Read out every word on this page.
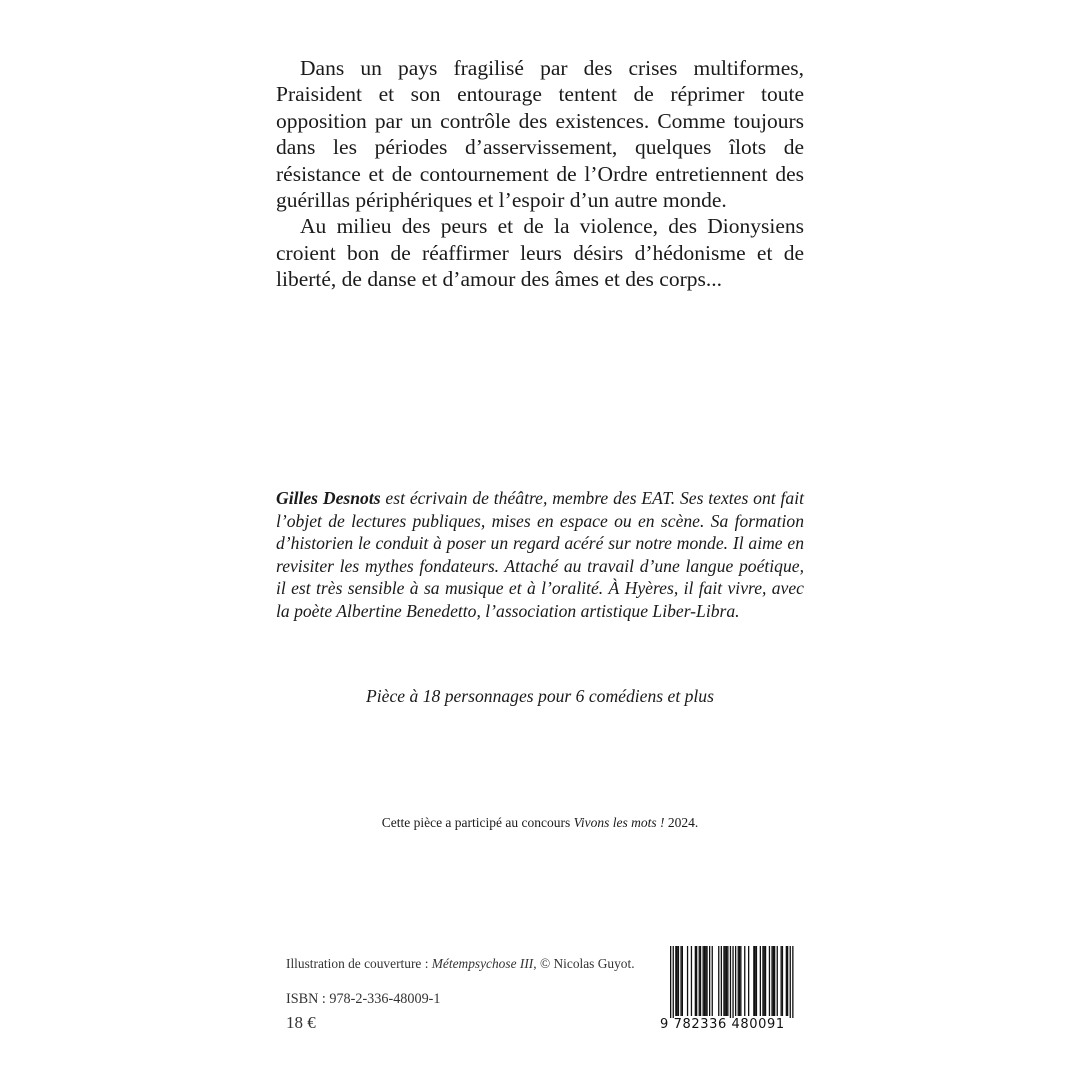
Dans un pays fragilisé par des crises multiformes, Praisident et son entourage tentent de réprimer toute opposition par un contrôle des existences. Comme toujours dans les périodes d’asservissement, quelques îlots de résistance et de contournement de l’Ordre entretiennent des guérillas périphériques et l’espoir d’un autre monde.

Au milieu des peurs et de la violence, des Dionysiens croient bon de réaffirmer leurs désirs d’hédonisme et de liberté, de danse et d’amour des âmes et des corps...

Gilles Desnots est écrivain de théâtre, membre des EAT. Ses textes ont fait l’objet de lectures publiques, mises en espace ou en scène. Sa formation d’historien le conduit à poser un regard acéré sur notre monde. Il aime en revisiter les mythes fondateurs. Attaché au travail d’une langue poétique, il est très sensible à sa musique et à l’oralité. À Hyères, il fait vivre, avec la poète Albertine Benedetto, l’association artistique Liber-Libra.

Pièce à 18 personnages pour 6 comédiens et plus
Cette pièce a participé au concours Vivons les mots ! 2024.
Illustration de couverture : Métempsychose III, © Nicolas Guyot.
ISBN : 978-2-336-48009-1
18 €	9 782336 480091
